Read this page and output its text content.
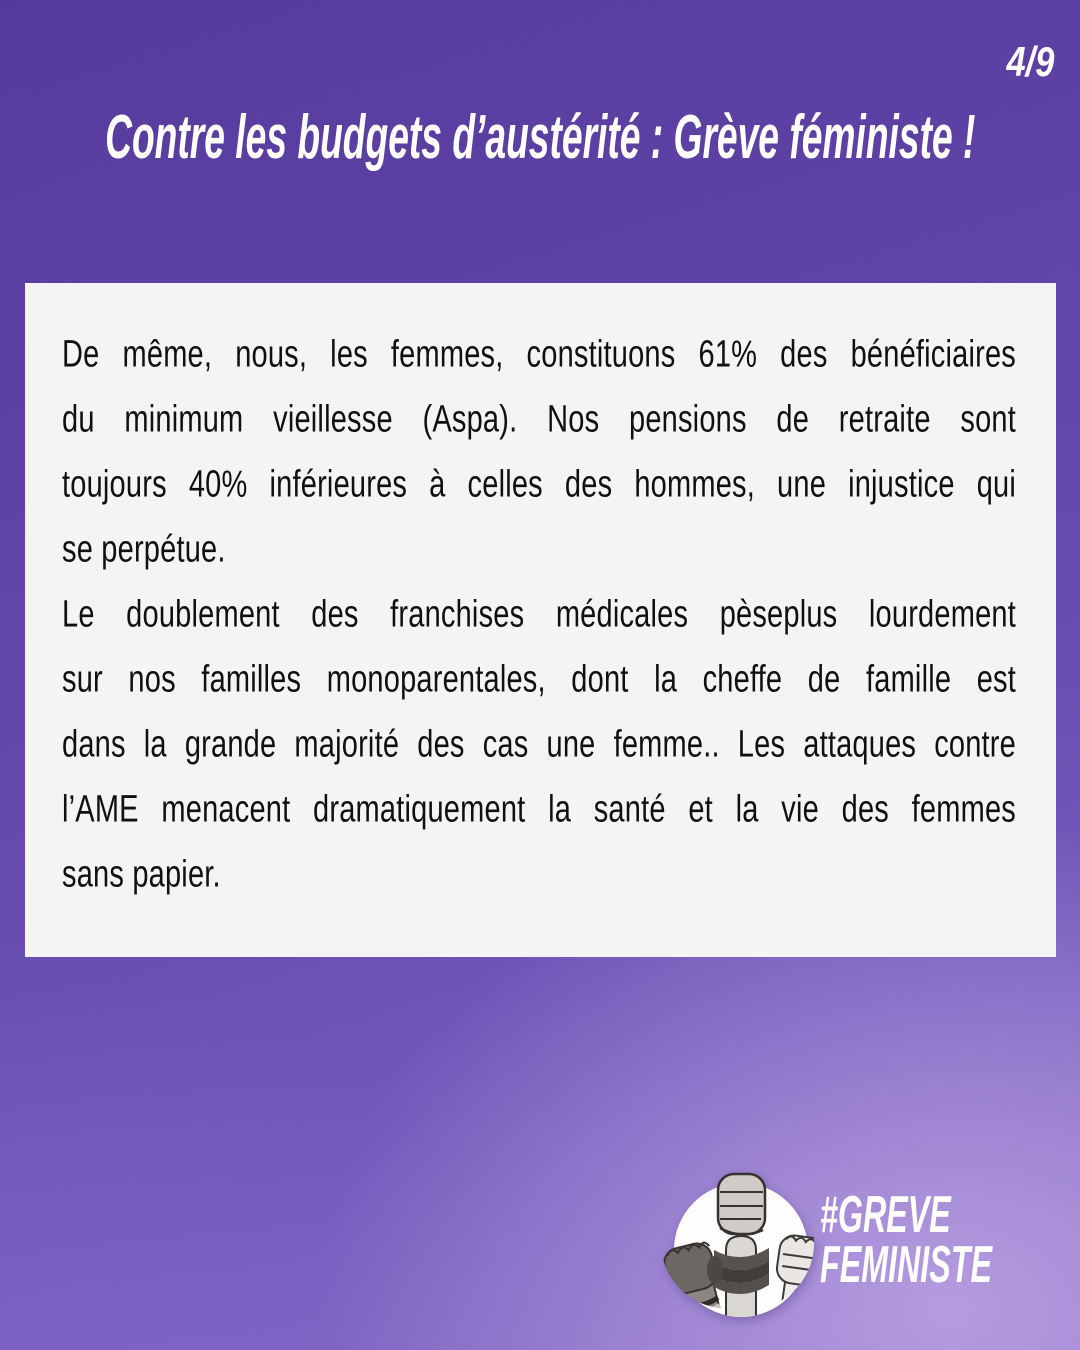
4/9
Contre les budgets d’austérité : Grève féministe !
De même, nous, les femmes, constituons 61% des bénéficiaires
du minimum vieillesse (Aspa). Nos pensions de retraite sont
toujours 40% inférieures à celles des hommes, une injustice qui
se perpétue.
Le doublement des franchises médicales pèseplus lourdement
sur nos familles monoparentales, dont la cheffe de famille est
dans la grande majorité des cas une femme.. Les attaques contre
l’AME menacent dramatiquement la santé et la vie des femmes
sans papier.
#GREVE
FEMINISTE
